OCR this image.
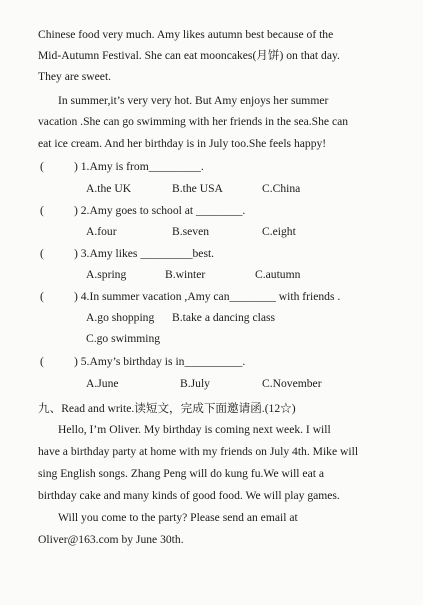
Chinese food very much. Amy likes autumn best because of the
Mid-Autumn Festival. She can eat mooncakes(月饼) on that day.
They are sweet.
In summer,it’s very very hot. But Amy enjoys her summer
vacation .She can go swimming with her friends in the sea.She can
eat ice cream. And her birthday is in July too.She feels happy!
(	) 1.Amy is from_________.
A.the UK	B.the USA	C.China
(	) 2.Amy goes to school at ________.
A.four	B.seven	C.eight
(	) 3.Amy likes _________best.
A.spring	B.winter	C.autumn
(	) 4.In summer vacation ,Amy can________ with friends .
A.go shopping B.take a dancing class
C.go swimming
(	) 5.Amy’s birthday is in__________.
A.June	B.July	C.November
九、Read and write.读短文，完成下面邀请函.(12☆)
Hello, I’m Oliver. My birthday is coming next week. I will
have a birthday party at home with my friends on July 4th. Mike will
sing English songs. Zhang Peng will do kung fu.We will eat a
birthday cake and many kinds of good food. We will play games.
Will you come to the party? Please send an email at
Oliver@163.com by June 30th.
